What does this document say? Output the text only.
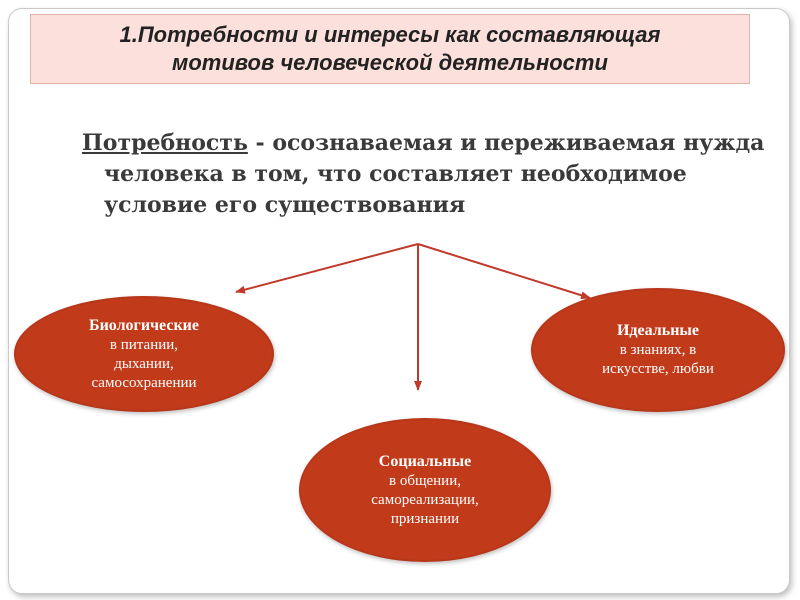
1.Потребности и интересы как составляющая
мотивов человеческой деятельности
Потребность - осознаваемая и переживаемая нужда человека в том, что составляет необходимое условие его существования
Биологические
в питании,
дыхании,
самосохранении
Идеальные
в знаниях, в
искусстве, любви
Социальные
в общении,
самореализации,
признании
